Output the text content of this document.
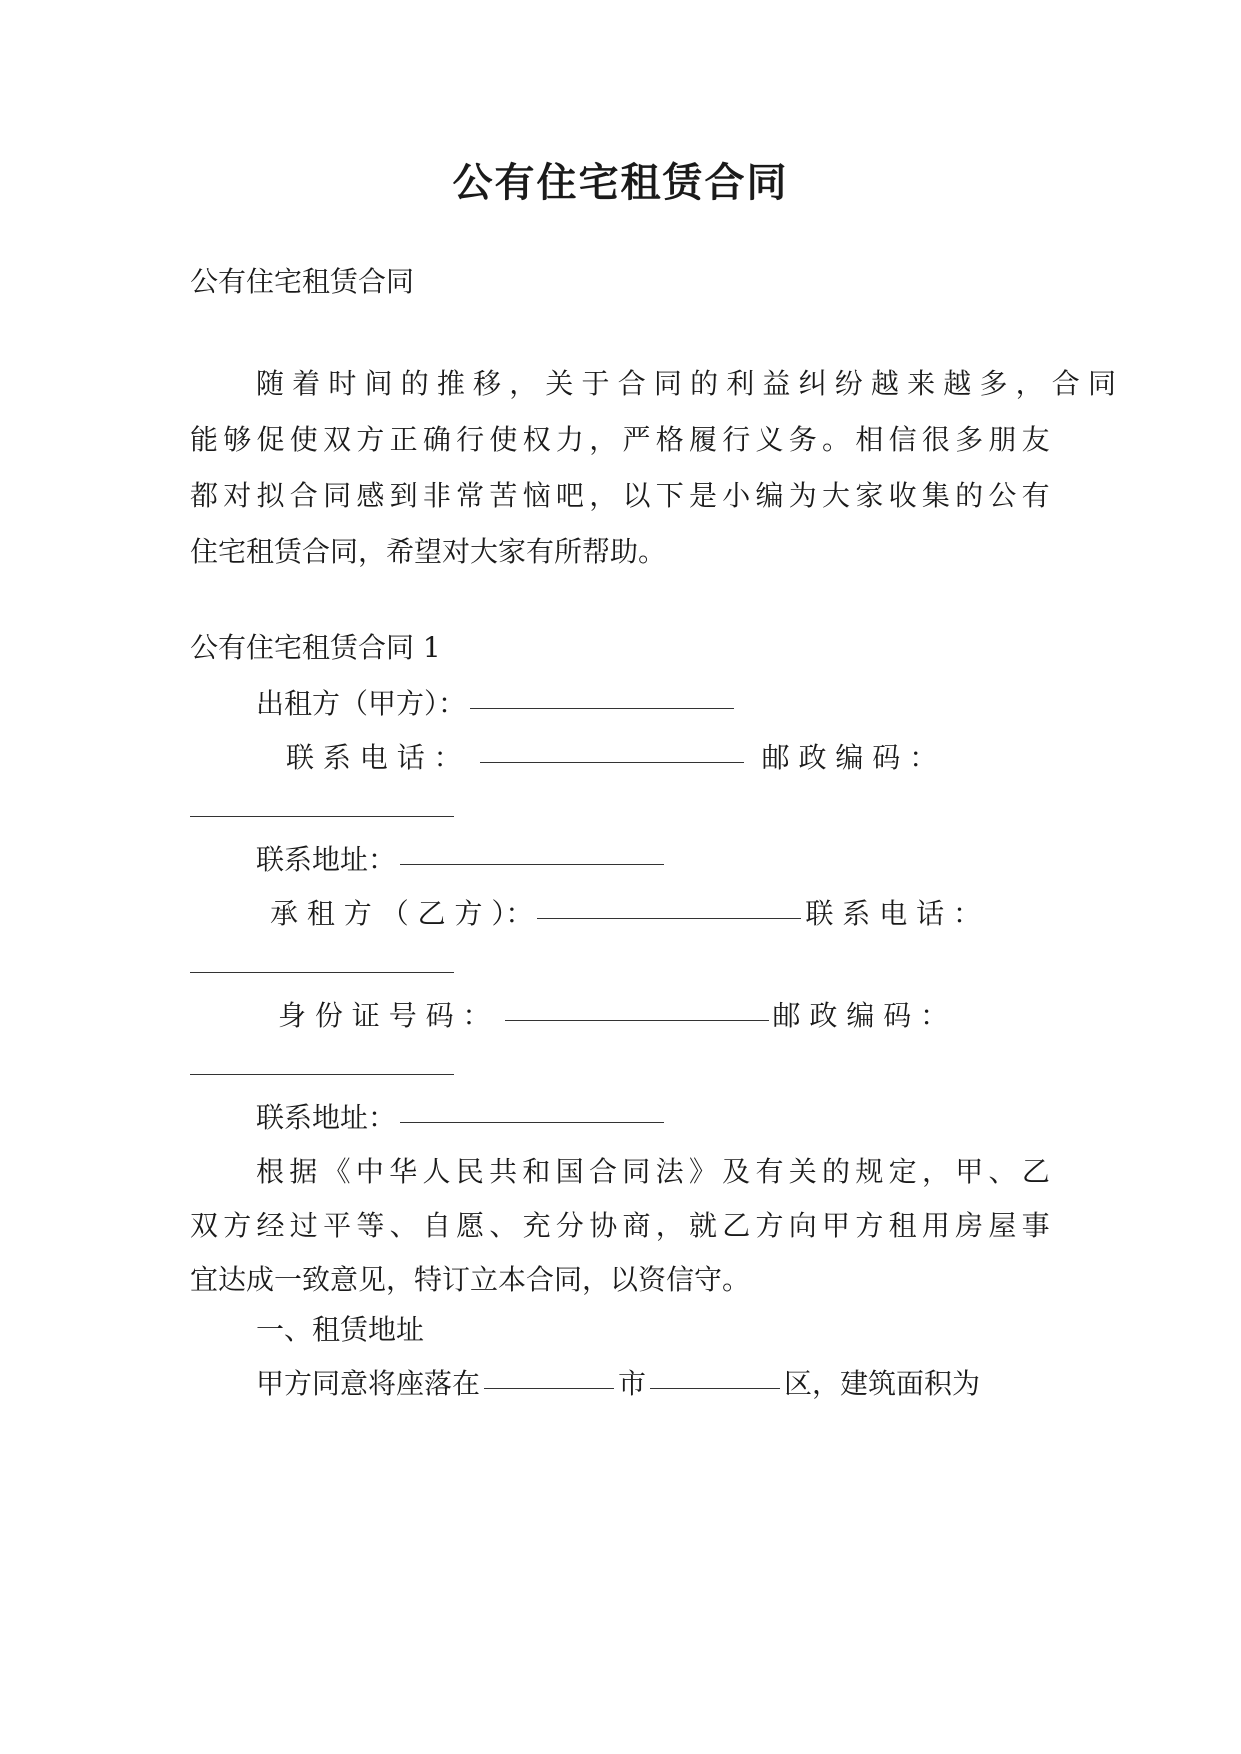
公有住宅租赁合同
公有住宅租赁合同
随 着 时 间 的 推 移 ， 关 于 合 同 的 利 益 纠 纷 越 来 越 多 ， 合 同
能 够 促 使 双 方 正 确 行 使 权 力 ， 严 格 履 行 义 务 。 相 信 很 多 朋 友
都 对 拟 合 同 感 到 非 常 苦 恼 吧 ， 以 下 是 小 编 为 大 家 收 集 的 公 有
住宅租赁合同，希望对大家有所帮助。
公有住宅租赁合同 1
出租方（甲方）：
联 系 电 话 ：	邮 政 编 码 ：
联系地址：
承 租 方 （ 乙 方 ）：	联 系 电 话 ：
身 份 证 号 码 ：	邮 政 编 码 ：
联系地址：
根 据 《 中 华 人 民 共 和 国 合 同 法 》 及 有 关 的 规 定 ， 甲 、 乙
双 方 经 过 平 等 、 自 愿 、 充 分 协 商 ， 就 乙 方 向 甲 方 租 用 房 屋 事
宜达成一致意见，特订立本合同，以资信守。
一、租赁地址
甲方同意将座落在	市	区，建筑面积为
